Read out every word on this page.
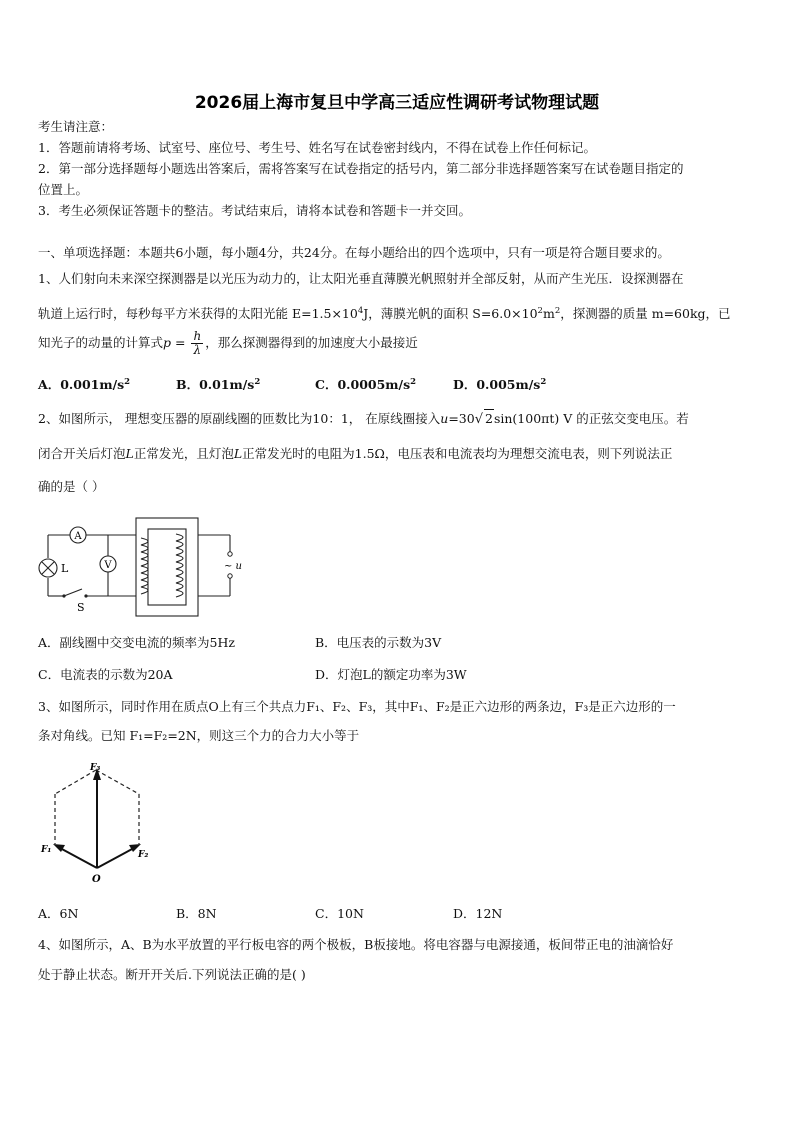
2026届上海市复旦中学高三适应性调研考试物理试题
考生请注意：
1．答题前请将考场、试室号、座位号、考生号、姓名写在试卷密封线内，不得在试卷上作任何标记。
2．第一部分选择题每小题选出答案后，需将答案写在试卷指定的括号内，第二部分非选择题答案写在试卷题目指定的
位置上。
3．考生必须保证答题卡的整洁。考试结束后，请将本试卷和答题卡一并交回。
一、单项选择题：本题共6小题，每小题4分，共24分。在每小题给出的四个选项中，只有一项是符合题目要求的。
1、人们射向未来深空探测器是以光压为动力的，让太阳光垂直薄膜光帆照射并全部反射，从而产生光压．设探测器在
轨道上运行时，每秒每平方米获得的太阳光能 $E=1.5\times 10^4J$，薄膜光帆的面积 $S=6.0\times 10^2m^2$，探测器的质量 m=60kg，已
知光子的动量的计算式$p = \frac{h}{\lambda}$ ，那么探测器得到的加速度大小最接近
A．$0.001m/s^2$	B．$0.01m/s^2$	C．$0.0005m/s^2$	D．$0.005m/s^2$
2、如图所示， 理想变压器的原副线圈的匝数比为10：1， 在原线圈接入u=30√ 2sin(100πt) V 的正弦交变电压。若
闭合开关后灯泡L正常发光，且灯泡L正常发光时的电阻为1.5Ω，电压表和电流表均为理想交流电表，则下列说法正
确的是（ ）
A
V
L
S
~ u
A．副线圈中交变电流的频率为5Hz	B．电压表的示数为3V
C．电流表的示数为20A	D．灯泡L的额定功率为3W
3、如图所示，同时作用在质点O上有三个共点力F₁、F₂、F₃，其中F₁、F₂是正六边形的两条边，F₃是正六边形的一
条对角线。已知 F₁=F₂=2N，则这三个力的合力大小等于
F₃
F₁	F₂
O
A．6N	B．8N	C．10N	D．12N
4、如图所示，A、B为水平放置的平行板电容的两个极板，B板接地。将电容器与电源接通，板间带正电的油滴恰好
处于静止状态。断开开关后.下列说法正确的是( )
